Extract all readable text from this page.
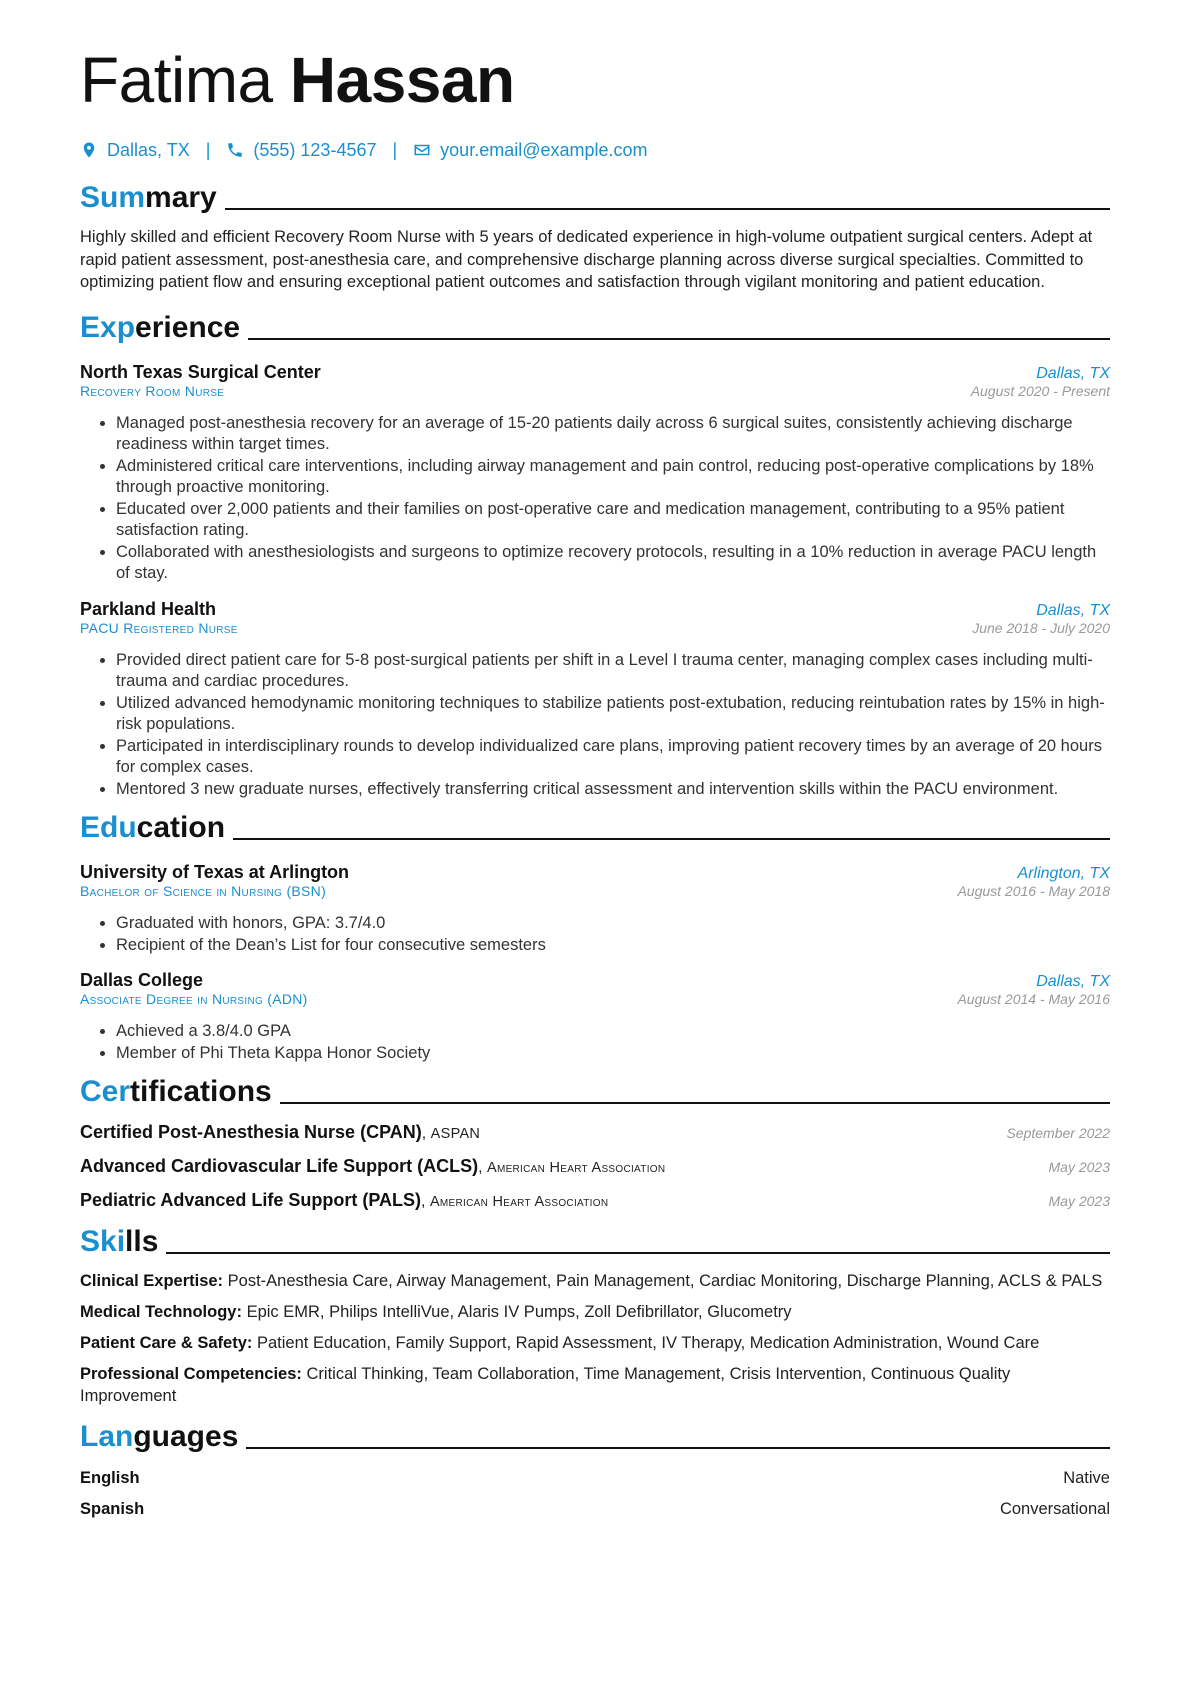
Fatima Hassan
Dallas, TX | (555) 123-4567 | your.email@example.com
Summary

Highly skilled and efficient Recovery Room Nurse with 5 years of dedicated experience in high-volume outpatient surgical centers. Adept at rapid patient assessment, post-anesthesia care, and comprehensive discharge planning across diverse surgical specialties. Committed to optimizing patient flow and ensuring exceptional patient outcomes and satisfaction through vigilant monitoring and patient education.

Experience
North Texas Surgical Center	Dallas, TX
Recovery Room Nurse	August 2020 - Present
• Managed post-anesthesia recovery for an average of 15-20 patients daily across 6 surgical suites, consistently achieving discharge readiness within target times.
• Administered critical care interventions, including airway management and pain control, reducing post-operative complications by 18% through proactive monitoring.
• Educated over 2,000 patients and their families on post-operative care and medication management, contributing to a 95% patient satisfaction rating.
• Collaborated with anesthesiologists and surgeons to optimize recovery protocols, resulting in a 10% reduction in average PACU length of stay.
Parkland Health	Dallas, TX
PACU Registered Nurse	June 2018 - July 2020
• Provided direct patient care for 5-8 post-surgical patients per shift in a Level I trauma center, managing complex cases including multi-trauma and cardiac procedures.
• Utilized advanced hemodynamic monitoring techniques to stabilize patients post-extubation, reducing reintubation rates by 15% in high-risk populations.
• Participated in interdisciplinary rounds to develop individualized care plans, improving patient recovery times by an average of 20 hours for complex cases.
• Mentored 3 new graduate nurses, effectively transferring critical assessment and intervention skills within the PACU environment.
Education
University of Texas at Arlington	Arlington, TX
Bachelor of Science in Nursing (BSN)	August 2016 - May 2018
• Graduated with honors, GPA: 3.7/4.0
• Recipient of the Dean’s List for four consecutive semesters
Dallas College	Dallas, TX
Associate Degree in Nursing (ADN)	August 2014 - May 2016
• Achieved a 3.8/4.0 GPA
• Member of Phi Theta Kappa Honor Society
Certifications
Certified Post-Anesthesia Nurse (CPAN), ASPAN	September 2022
Advanced Cardiovascular Life Support (ACLS), American Heart Association	May 2023
Pediatric Advanced Life Support (PALS), American Heart Association	May 2023
Skills
Clinical Expertise: Post-Anesthesia Care, Airway Management, Pain Management, Cardiac Monitoring, Discharge Planning, ACLS & PALS
Medical Technology: Epic EMR, Philips IntelliVue, Alaris IV Pumps, Zoll Defibrillator, Glucometry
Patient Care & Safety: Patient Education, Family Support, Rapid Assessment, IV Therapy, Medication Administration, Wound Care
Professional Competencies: Critical Thinking, Team Collaboration, Time Management, Crisis Intervention, Continuous Quality Improvement
Languages
English	Native
Spanish	Conversational
